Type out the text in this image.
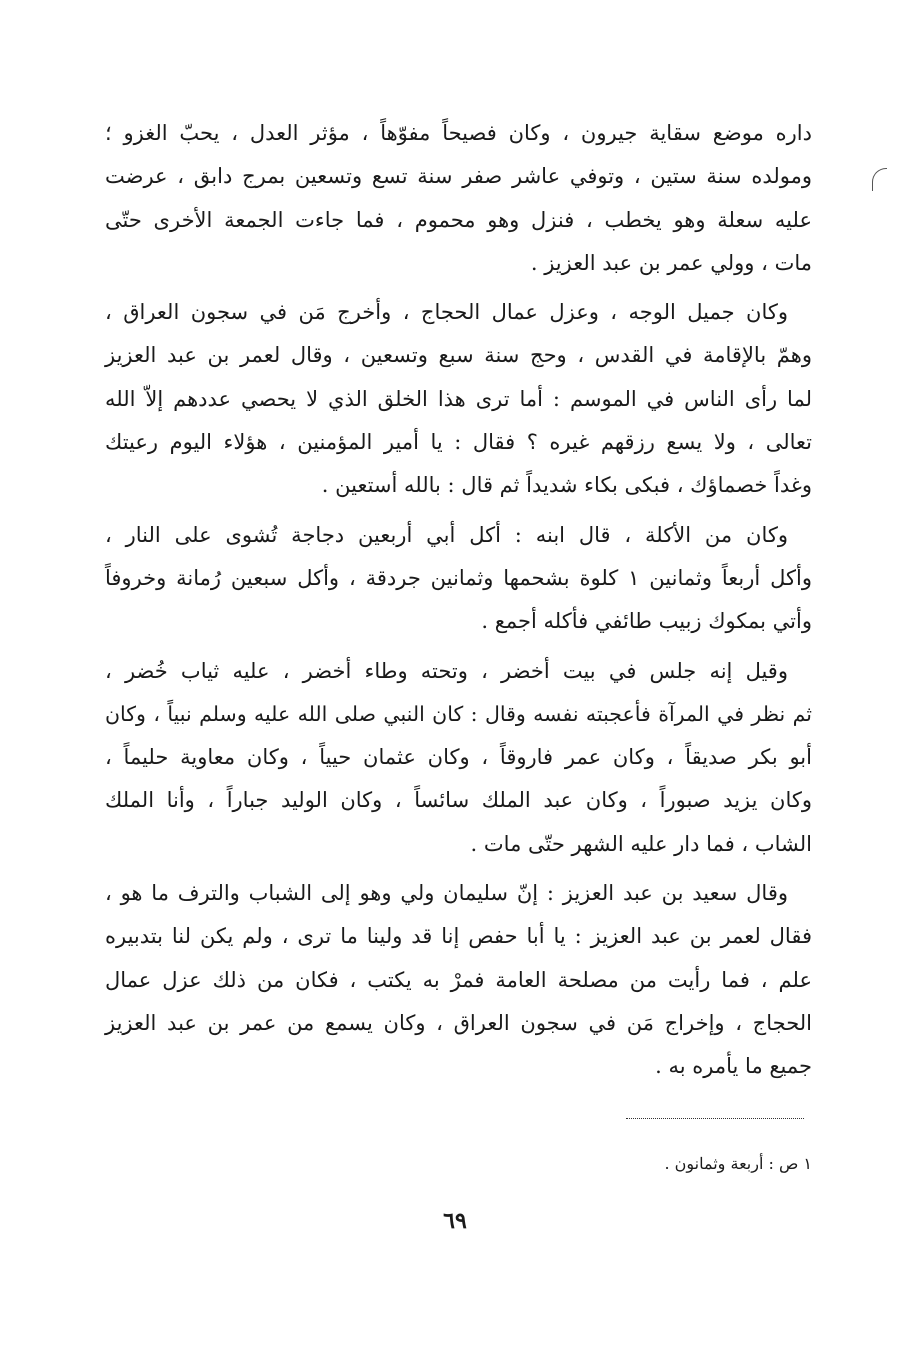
داره موضع سقاية جيرون ، وكان فصيحاً مفوّهاً ، مؤثر العدل ، يحبّ الغزو ؛
ومولده سنة ستين ، وتوفي عاشر صفر سنة تسع وتسعين بمرج دابق ، عرضت
عليه سعلة وهو يخطب ، فنزل وهو محموم ، فما جاءت الجمعة الأخرى حتّى
مات ، وولي عمر بن عبد العزيز .
وكان جميل الوجه ، وعزل عمال الحجاج ، وأخرج مَن في سجون العراق ،
وهمّ بالإقامة في القدس ، وحج سنة سبع وتسعين ، وقال لعمر بن عبد العزيز
لما رأى الناس في الموسم : أما ترى هذا الخلق الذي لا يحصي عددهم إلاّ الله
تعالى ، ولا يسع رزقهم غيره ؟ فقال : يا أمير المؤمنين ، هؤلاء اليوم رعيتك
وغداً خصماؤك ، فبكى بكاء شديداً ثم قال : بالله أستعين .
وكان من الأكلة ، قال ابنه : أكل أبي أربعين دجاجة تُشوى على النار ،
وأكل أربعاً وثمانين ١ كلوة بشحمها وثمانين جردقة ، وأكل سبعين رُمانة وخروفاً
وأتي بمكوك زبيب طائفي فأكله أجمع .
وقيل إنه جلس في بيت أخضر ، وتحته وطاء أخضر ، عليه ثياب خُضر ،
ثم نظر في المرآة فأعجبته نفسه وقال : كان النبي صلى الله عليه وسلم نبياً ، وكان
أبو بكر صديقاً ، وكان عمر فاروقاً ، وكان عثمان حيياً ، وكان معاوية حليماً ،
وكان يزيد صبوراً ، وكان عبد الملك سائساً ، وكان الوليد جباراً ، وأنا الملك
الشاب ، فما دار عليه الشهر حتّى مات .
وقال سعيد بن عبد العزيز : إنّ سليمان ولي وهو إلى الشباب والترف ما هو ،
فقال لعمر بن عبد العزيز : يا أبا حفص إنا قد ولينا ما ترى ، ولم يكن لنا بتدبيره
علم ، فما رأيت من مصلحة العامة فمرْ به يكتب ، فكان من ذلك عزل عمال
الحجاج ، وإخراج مَن في سجون العراق ، وكان يسمع من عمر بن عبد العزيز
جميع ما يأمره به .
١ ص : أربعة وثمانون .
٦٩
